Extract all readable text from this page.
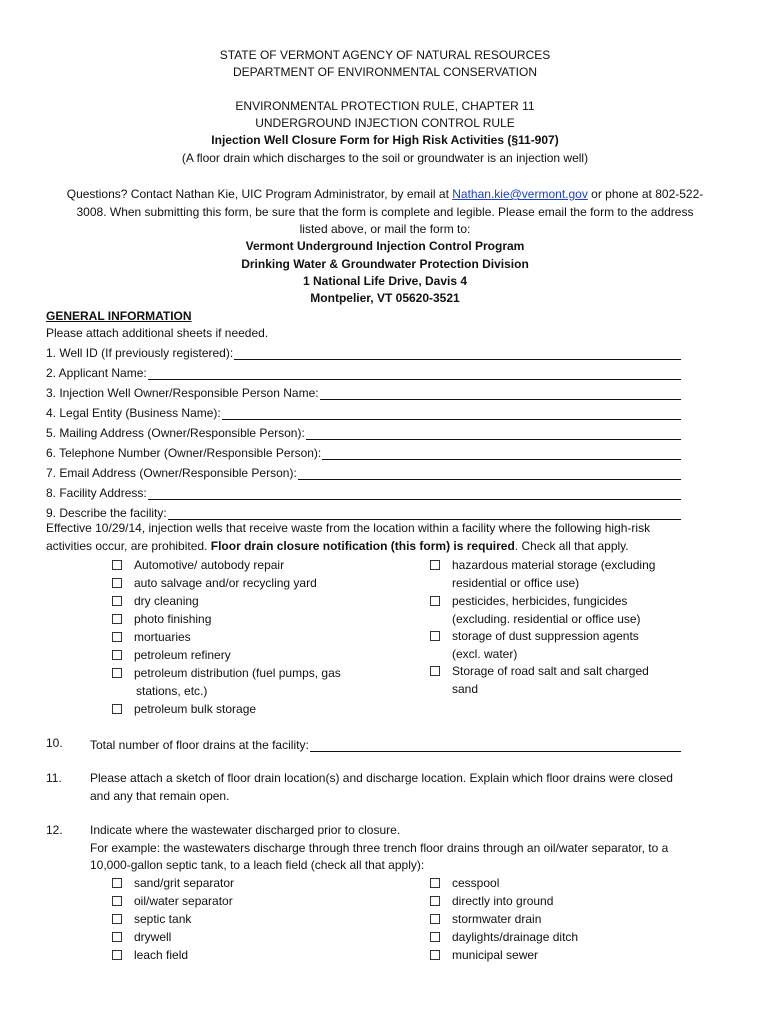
STATE OF VERMONT AGENCY OF NATURAL RESOURCES
DEPARTMENT OF ENVIRONMENTAL CONSERVATION
ENVIRONMENTAL PROTECTION RULE, CHAPTER 11
UNDERGROUND INJECTION CONTROL RULE
Injection Well Closure Form for High Risk Activities (§11-907)
(A floor drain which discharges to the soil or groundwater is an injection well)
Questions? Contact Nathan Kie, UIC Program Administrator, by email at Nathan.kie@vermont.gov or phone at 802-522-
3008. When submitting this form, be sure that the form is complete and legible. Please email the form to the address
listed above, or mail the form to:
Vermont Underground Injection Control Program
Drinking Water & Groundwater Protection Division
1 National Life Drive, Davis 4
Montpelier, VT 05620-3521
GENERAL INFORMATION
Please attach additional sheets if needed.
1. Well ID (If previously registered):
2. Applicant Name:
3. Injection Well Owner/Responsible Person Name:
4. Legal Entity (Business Name):
5. Mailing Address (Owner/Responsible Person):
6. Telephone Number (Owner/Responsible Person):
7. Email Address (Owner/Responsible Person):
8. Facility Address:
9. Describe the facility:
Effective 10/29/14, injection wells that receive waste from the location within a facility where the following high-risk
activities occur, are prohibited. Floor drain closure notification (this form) is required. Check all that apply.
Automotive/ autobody repair
auto salvage and/or recycling yard
dry cleaning
photo finishing
mortuaries
petroleum refinery
petroleum distribution (fuel pumps, gas
stations, etc.)
petroleum bulk storage
hazardous material storage (excluding
residential or office use)
pesticides, herbicides, fungicides
(excluding. residential or office use)
storage of dust suppression agents
(excl. water)
Storage of road salt and salt charged
sand
10. Total number of floor drains at the facility:
11. Please attach a sketch of floor drain location(s) and discharge location. Explain which floor drains were closed
and any that remain open.
12. Indicate where the wastewater discharged prior to closure.
For example: the wastewaters discharge through three trench floor drains through an oil/water separator, to a
10,000-gallon septic tank, to a leach field (check all that apply):
sand/grit separator
oil/water separator
septic tank
drywell
leach field
cesspool
directly into ground
stormwater drain
daylights/drainage ditch
municipal sewer
